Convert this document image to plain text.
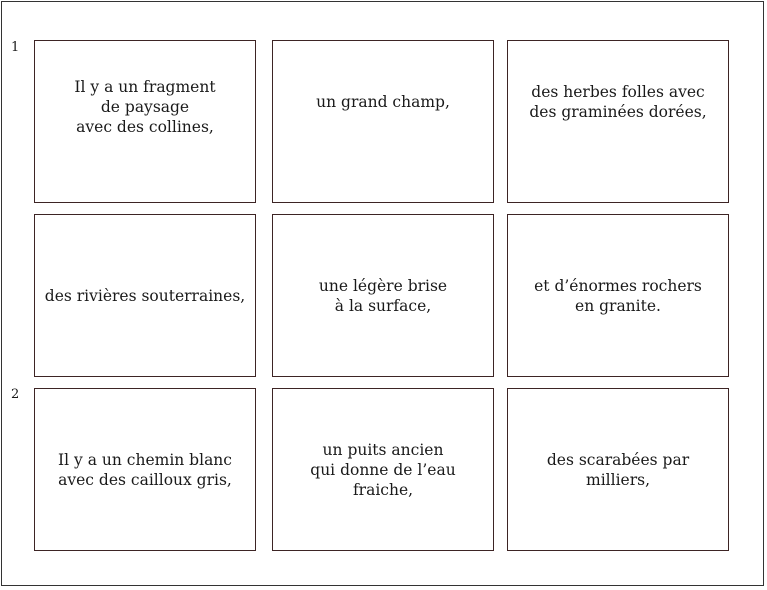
1
2
Il y a un fragment
de paysage
avec des collines,
un grand champ,
des herbes folles avec
des graminées dorées,
des rivières souterraines,
une légère brise
à la surface,
et d’énormes rochers
en granite.
Il y a un chemin blanc
avec des cailloux gris,
un puits ancien
qui donne de l’eau fraiche,
des scarabées par milliers,
